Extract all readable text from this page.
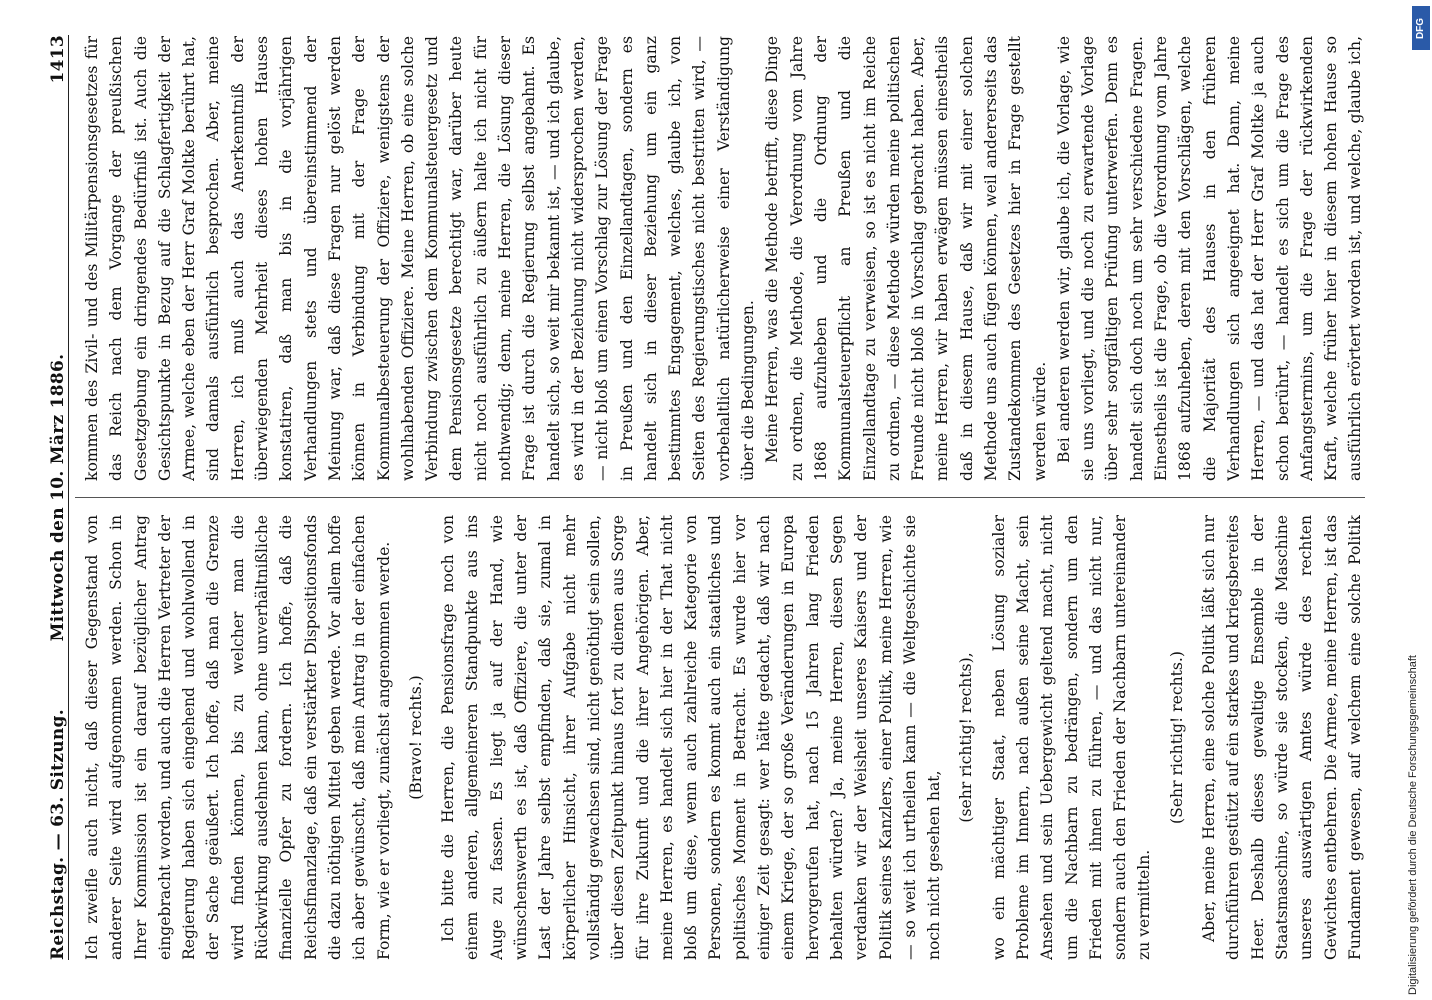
DFG
Digitalisierung gefördert durch die Deutsche Forschungsgemeinschaft
Reichstag. — 63. Sitzung.
Mittwoch den 10. März 1886.
1413

Ich zweifle auch nicht, daß dieser Gegenstand von anderer Seite wird aufgenommen werden. Schon in Ihrer Kommission ist ein darauf bezüglicher Antrag eingebracht worden, und auch die Herren Vertreter der Regierung haben sich eingehend und wohlwollend in der Sache geäußert. Ich hoffe, daß man die Grenze wird finden können, bis zu welcher man die Rückwirkung ausdehnen kann, ohne unverhältnißliche finanzielle Opfer zu fordern. Ich hoffe, daß die Reichsfinanzlage, daß ein verstärkter Dispositionsfonds die dazu nöthigen Mittel geben werde. Vor allem hoffe ich aber gewünscht, daß mein Antrag in der einfachen Form, wie er vorliegt, zunächst angenommen werde. (Bravo! rechts.) Ich bitte die Herren, die Pensionsfrage noch von einem anderen, allgemeineren Standpunkte aus ins Auge zu fassen. Es liegt ja auf der Hand, wie wünschenswerth es ist, daß Offiziere, die unter der Last der Jahre selbst empfinden, daß sie, zumal in körperlicher Hinsicht, ihrer Aufgabe nicht mehr vollständig gewachsen sind, nicht genöthigt sein sollen, über diesen Zeitpunkt hinaus fort zu dienen aus Sorge für ihre Zukunft und die ihrer Angehörigen. Aber, meine Herren, es handelt sich hier in der That nicht bloß um diese, wenn auch zahlreiche Kategorie von Personen, sondern es kommt auch ein staatliches und politisches Moment in Betracht. Es wurde hier vor einiger Zeit gesagt: wer hätte gedacht, daß wir nach einem Kriege, der so große Veränderungen in Europa hervorgerufen hat, nach 15 Jahren lang Frieden behalten würden? Ja, meine Herren, diesen Segen verdanken wir der Weisheit unseres Kaisers und der Politik seines Kanzlers, einer Politik, meine Herren, wie — so weit ich urtheilen kann — die Weltgeschichte sie noch nicht gesehen hat,

(sehr richtig! rechts), wo ein mächtiger Staat, neben Lösung sozialer Probleme im Innern, nach außen seine Macht, sein Ansehen und sein Uebergewicht geltend macht, nicht um die Nachbarn zu bedrängen, sondern um den Frieden mit ihnen zu führen, — und das nicht nur, sondern auch den Frieden der Nachbarn untereinander zu vermitteln.

(Sehr richtig! rechts.)

Aber, meine Herren, eine solche Politik läßt sich nur durchführen gestützt auf ein starkes und kriegsbereites Heer. Deshalb dieses gewaltige Ensemble in der Staatsmaschine, so würde sie stocken, die Maschine unseres auswärtigen Amtes würde des rechten Gewichtes entbehren. Die Armee, meine Herren, ist das Fundament gewesen, auf welchem eine solche Politik

kommen des Zivil- und des Militärpensionsgesetzes für das Reich nach dem Vorgange der preußischen Gesetzgebung ein dringendes Bedürfniß ist. Auch die Gesichtspunkte in Bezug auf die Schlagfertigkeit der Armee, welche eben der Herr Graf Moltke berührt hat, sind damals ausführlich besprochen. Aber, meine Herren, ich muß auch das Anerkenntniß der überwiegenden Mehrheit dieses hohen Hauses konstatiren, daß man bis in die vorjährigen Verhandlungen stets und übereinstimmend der Meinung war, daß diese Fragen nur gelöst werden können in Verbindung mit der Frage der Kommunalbesteuerung der Offiziere, wenigstens der wohlhabenden Offiziere. Meine Herren, ob eine solche Verbindung zwischen dem Kommunalsteuergesetz und dem Pensionsgesetze berechtigt war, darüber heute nicht noch ausführlich zu äußern halte ich nicht für nothwendig; denn, meine Herren, die Lösung dieser Frage ist durch die Regierung selbst angebahnt. Es handelt sich, so weit mir bekannt ist, — und ich glaube, es wird in der Beziehung nicht widersprochen werden, — nicht bloß um einen Vorschlag zur Lösung der Frage in Preußen und den Einzellandtagen, sondern es handelt sich in dieser Beziehung um ein ganz bestimmtes Engagement, welches, glaube ich, von Seiten des Regierungstisches nicht bestritten wird, — vorbehaltlich natürlicherweise einer Verständigung über die Bedingungen. Meine Herren, was die Methode betrifft, diese Dinge zu ordnen, die Methode, die Verordnung vom Jahre 1868 aufzuheben und die Ordnung der Kommunalsteuerpflicht an Preußen und die Einzellandtage zu verweisen, so ist es nicht im Reiche zu ordnen, — diese Methode würden meine politischen Freunde nicht bloß in Vorschlag gebracht haben. Aber, meine Herren, wir haben erwägen müssen einestheils daß in diesem Hause, daß wir mit einer solchen Methode uns auch fügen können, weil andererseits das Zustandekommen des Gesetzes hier in Frage gestellt werden würde. Bei anderen werden wir, glaube ich, die Vorlage, wie sie uns vorliegt, und die noch zu erwartende Vorlage über sehr sorgfältigen Prüfung unterwerfen. Denn es handelt sich doch noch um sehr verschiedene Fragen. Einestheils ist die Frage, ob die Verordnung vom Jahre 1868 aufzuheben, deren mit den Vorschlägen, welche die Majorität des Hauses in den früheren Verhandlungen sich angeeignet hat. Dann, meine Herren, — und das hat der Herr Graf Moltke ja auch schon berührt, — handelt es sich um die Frage des Anfangstermins, um die Frage der rückwirkenden Kraft, welche früher hier in diesem hohen Hause so ausführlich erörtert worden ist, und welche, glaube ich,
